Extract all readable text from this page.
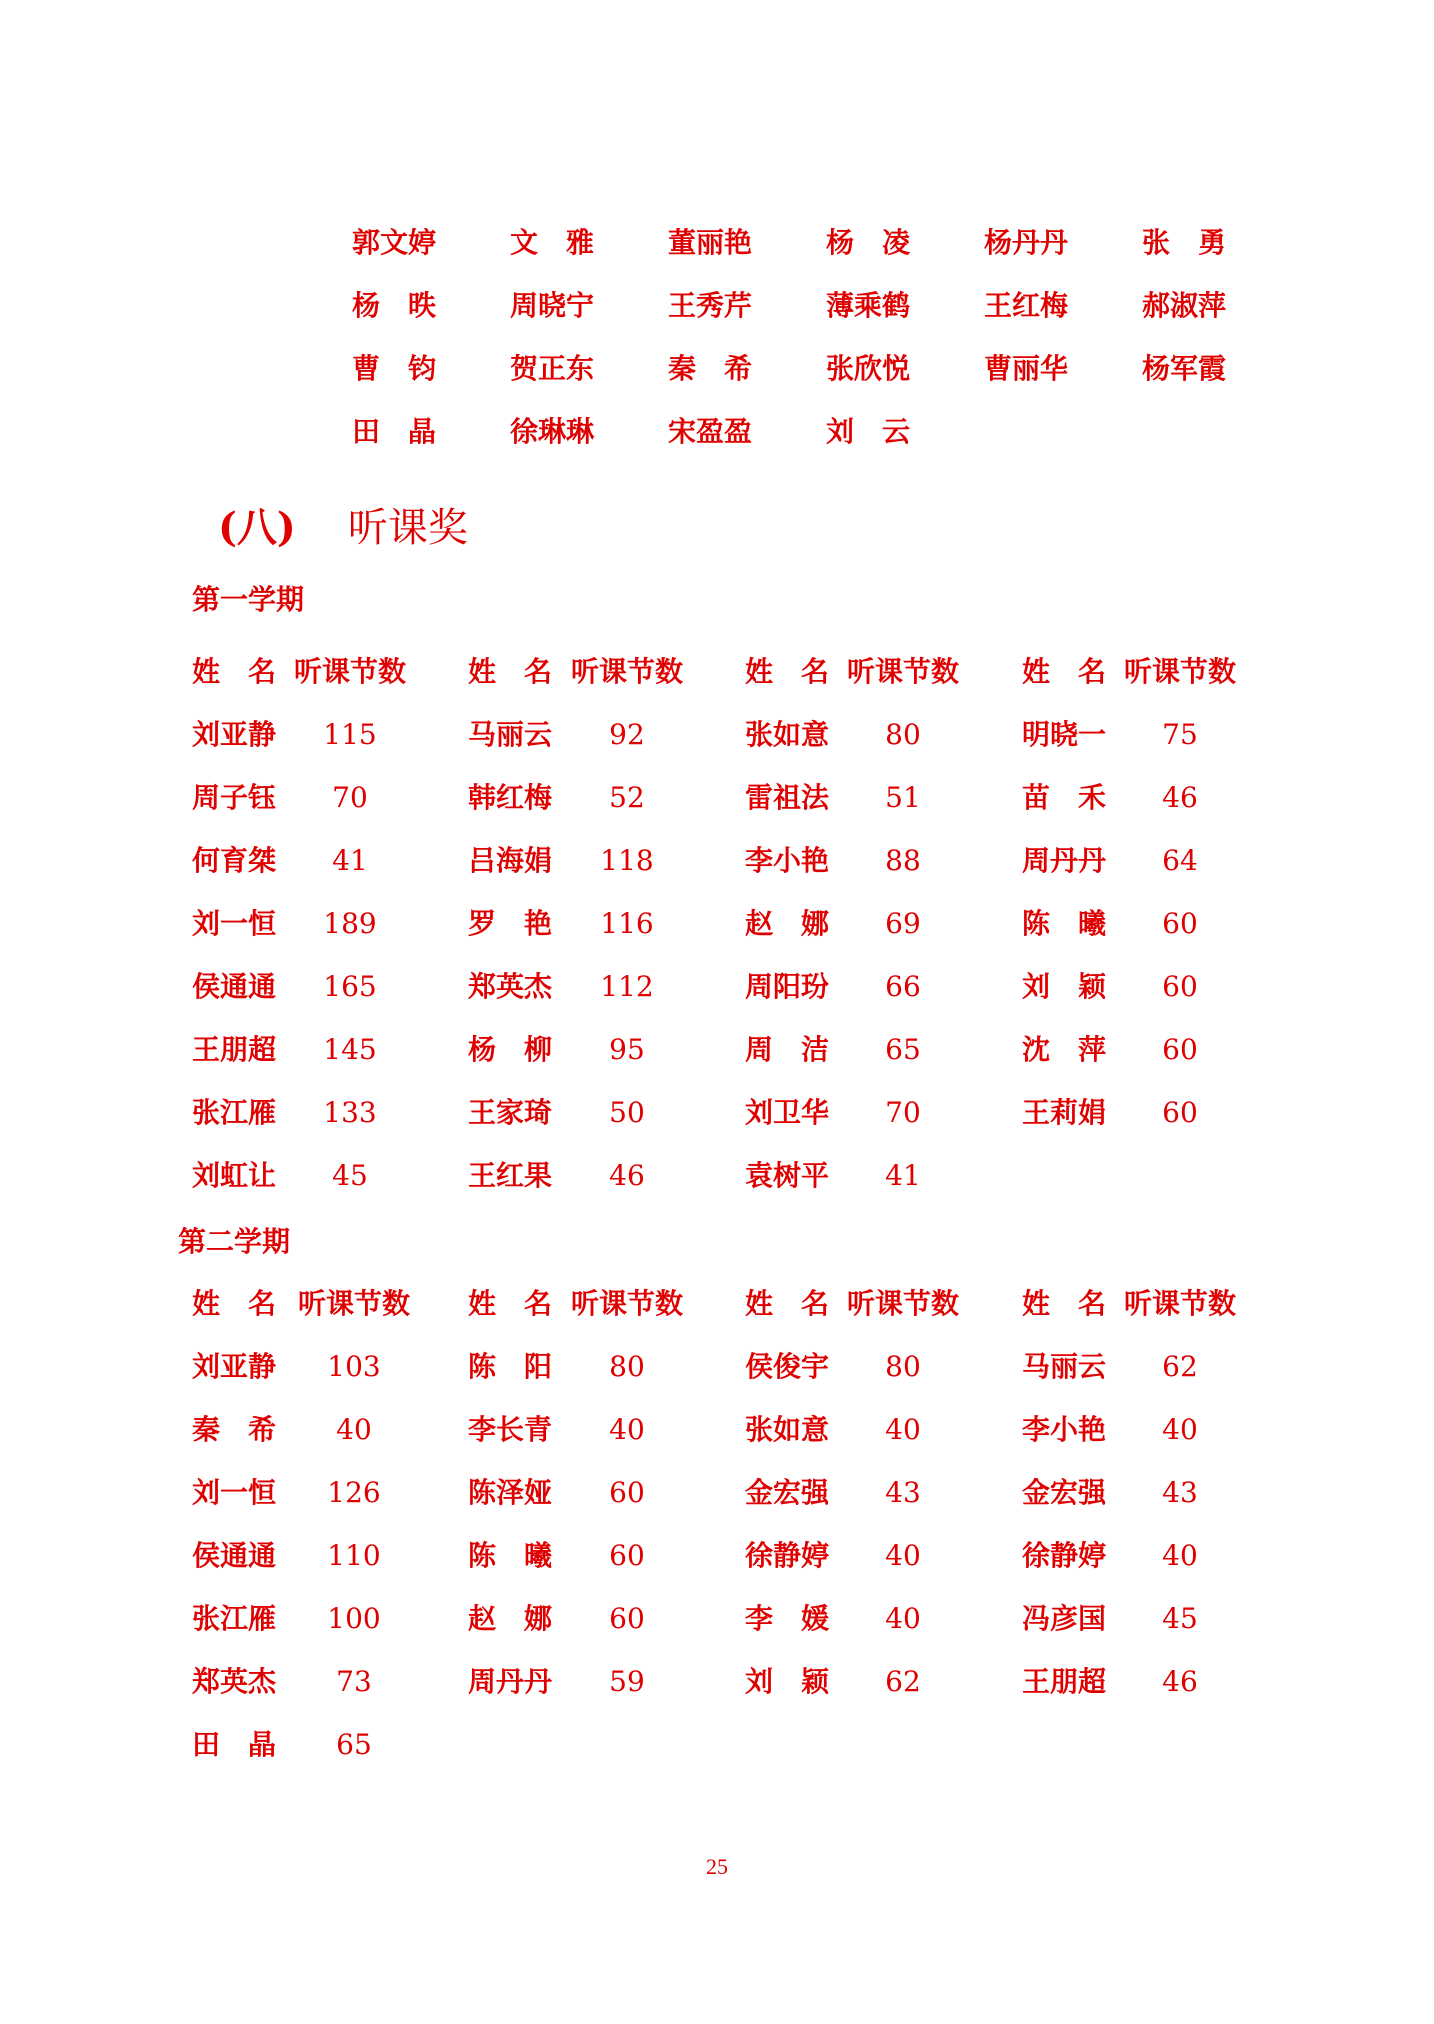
郭文婷	文　雅	董丽艳	杨　凌	杨丹丹	张　勇
杨　昳	周晓宁	王秀芹	薄乘鹤	王红梅	郝淑萍
曹　钧	贺正东	秦　希	张欣悦	曹丽华	杨军霞
田　晶	徐琳琳	宋盈盈	刘　云
(八) 听课奖
第一学期
姓　名 听课节数 姓　名 听课节数 姓　名 听课节数 姓　名 听课节数
刘亚静	115	马丽云	92	张如意	80	明晓一	75
周子钰	70	韩红梅	52	雷祖法	51	苗　禾	46
何育桀	41	吕海娟	118	李小艳	88	周丹丹	64
刘一恒	189	罗　艳	116	赵　娜	69	陈　曦	60
侯通通	165	郑英杰	112	周阳玢	66	刘　颖	60
王朋超	145	杨　柳	95	周　洁	65	沈　萍	60
张江雁	133	王家琦	50	刘卫华	70	王莉娟	60
刘虹让	45	王红果	46	袁树平	41
第二学期
姓　名 听课节数 姓　名 听课节数 姓　名 听课节数 姓　名 听课节数
刘亚静	103	陈　阳	80	侯俊宇	80	马丽云	62
秦　希	40	李长青	40	张如意	40	李小艳	40
刘一恒	126	陈泽娅	60	金宏强	43	金宏强	43
侯通通	110	陈　曦	60	徐静婷	40	徐静婷	40
张江雁	100	赵　娜	60	李　媛	40	冯彦国	45
郑英杰	73	周丹丹	59	刘　颖	62	王朋超	46
田　晶	65
25
